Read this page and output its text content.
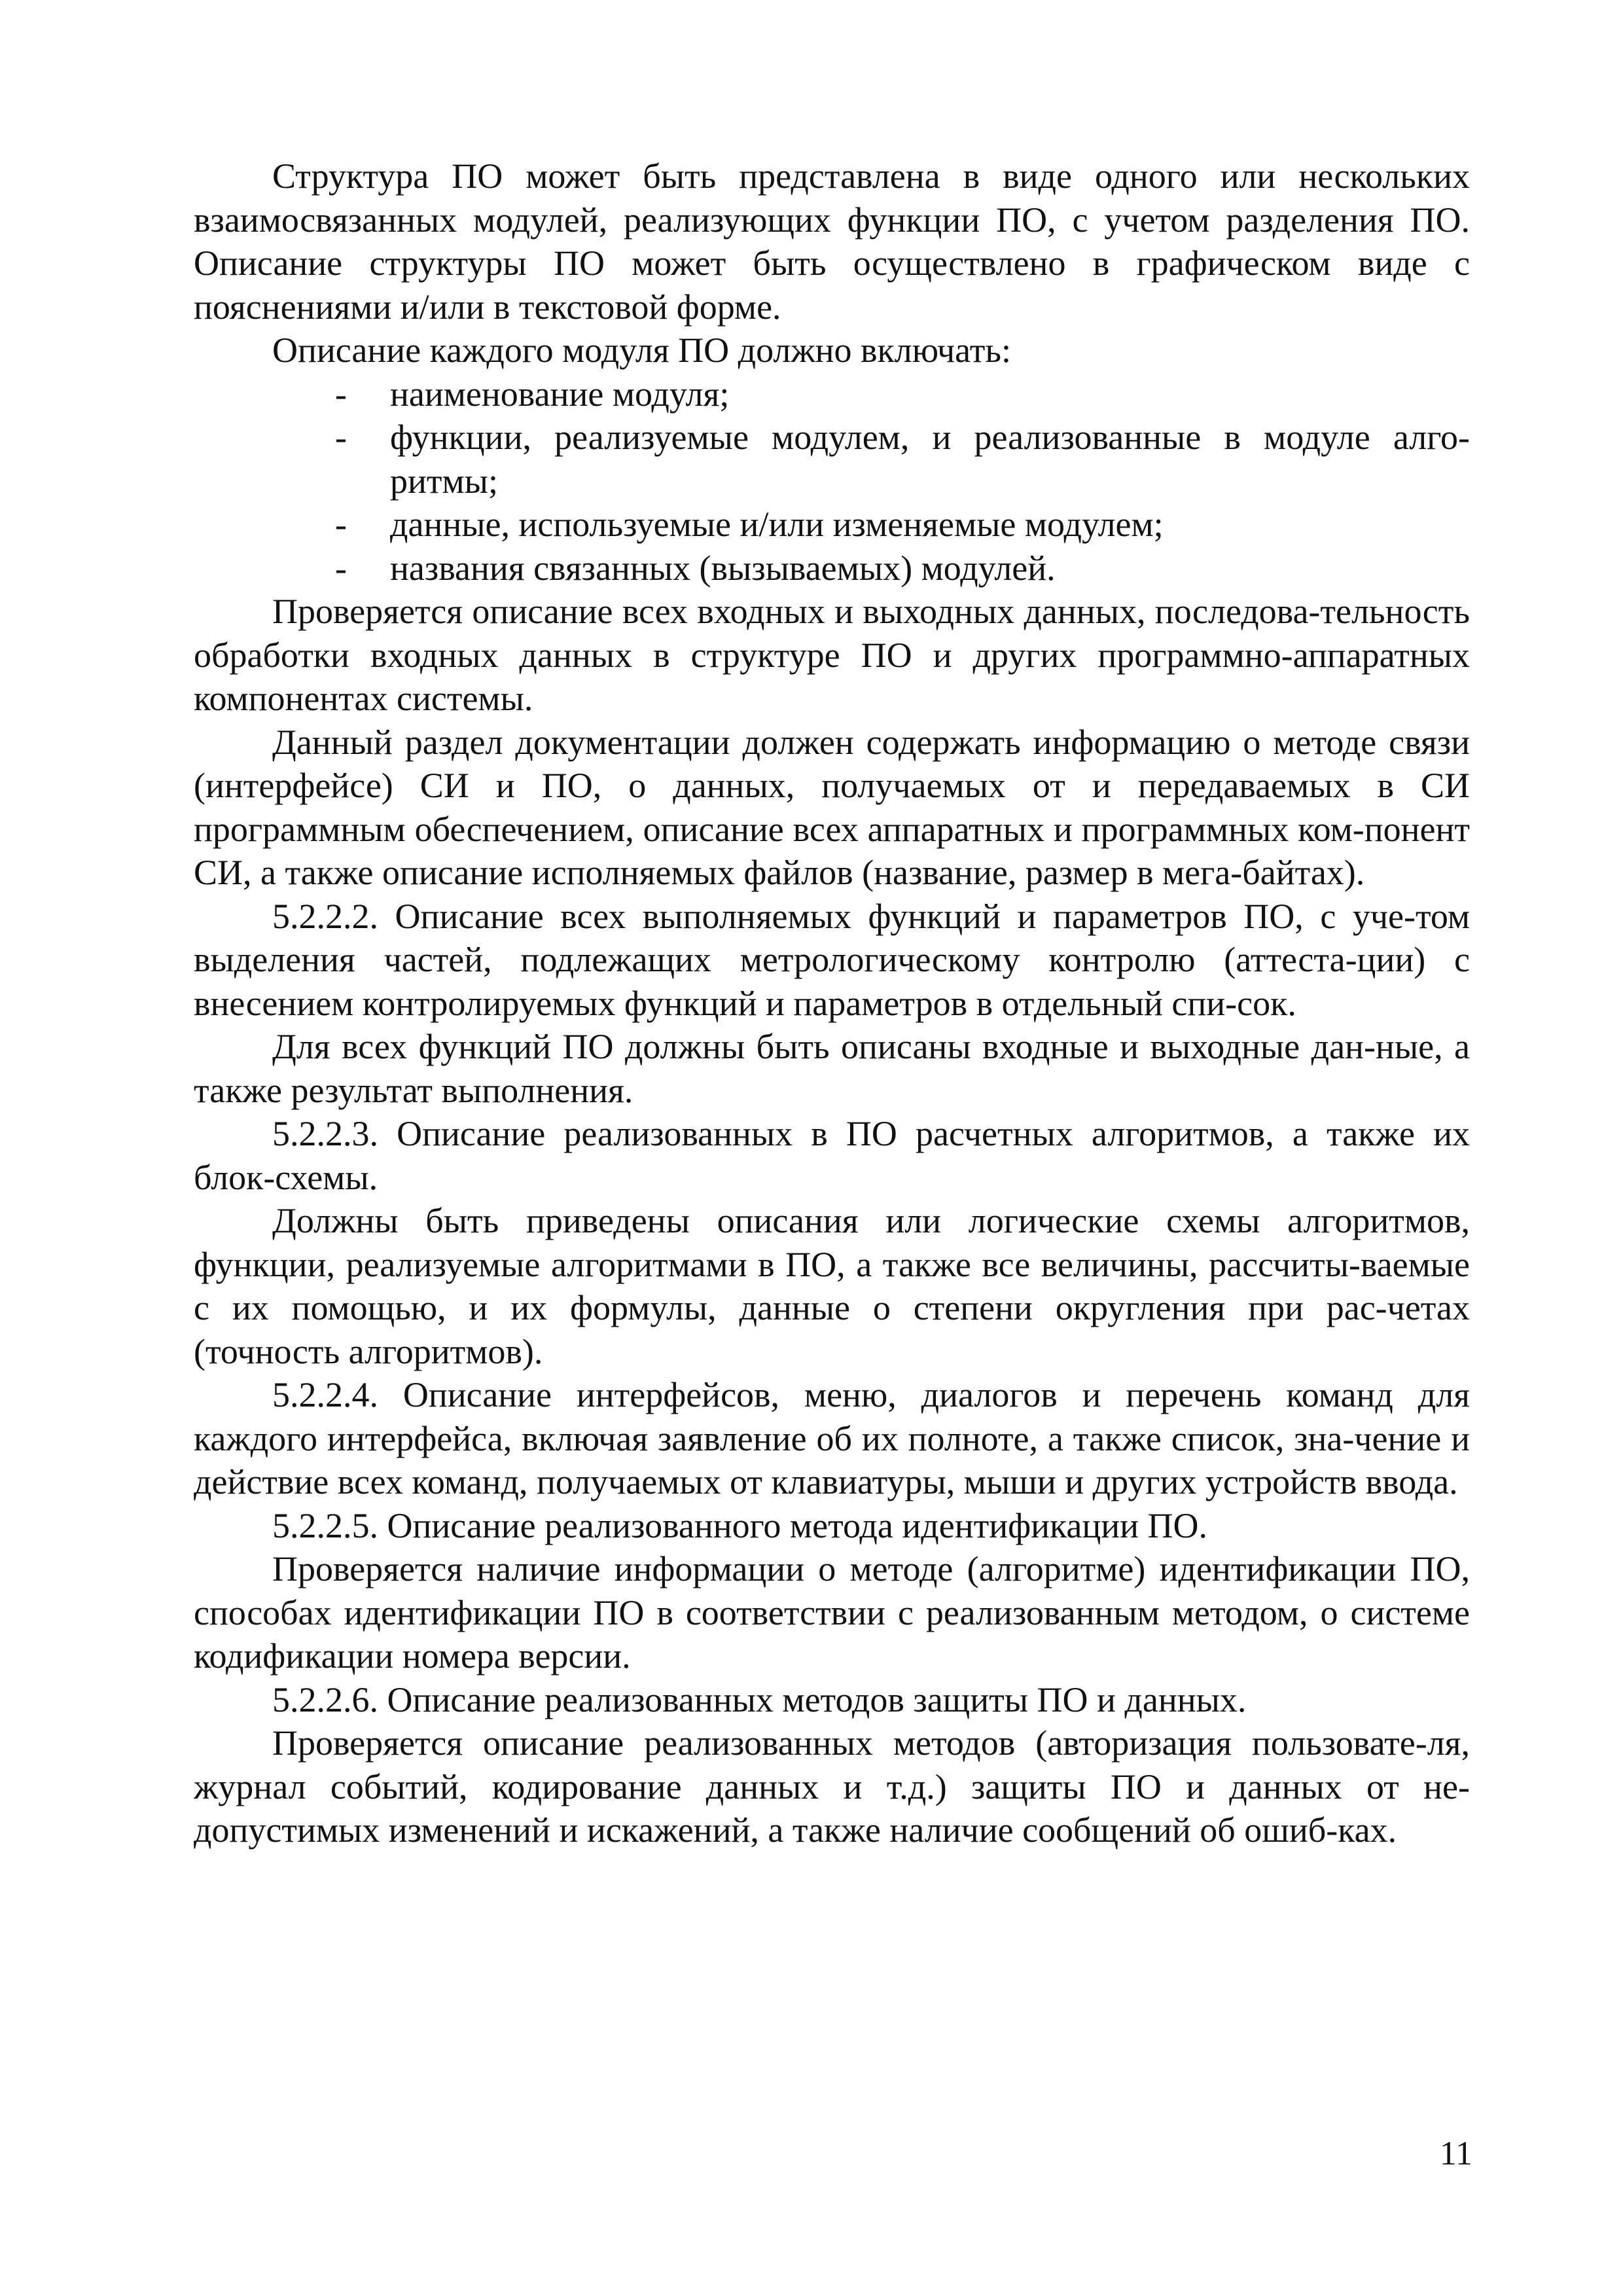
Структура ПО может быть представлена в виде одного или нескольких взаимосвязанных модулей, реализующих функции ПО, с учетом разделения ПО. Описание структуры ПО может быть осуществлено в графическом виде с пояснениями и/или в текстовой форме.

Описание каждого модуля ПО должно включать:

- наименование модуля;
- функции, реализуемые модулем, и реализованные в модуле алго-ритмы;
- данные, используемые и/или изменяемые модулем;
- названия связанных (вызываемых) модулей.

Проверяется описание всех входных и выходных данных, последова-тельность обработки входных данных в структуре ПО и других программно-аппаратных компонентах системы.

Данный раздел документации должен содержать информацию о методе связи (интерфейсе) СИ и ПО, о данных, получаемых от и передаваемых в СИ программным обеспечением, описание всех аппаратных и программных ком-понент СИ, а также описание исполняемых файлов (название, размер в мега-байтах).

5.2.2.2. Описание всех выполняемых функций и параметров ПО, с уче-том выделения частей, подлежащих метрологическому контролю (аттеста-ции) с внесением контролируемых функций и параметров в отдельный спи-сок.

Для всех функций ПО должны быть описаны входные и выходные дан-ные, а также результат выполнения.

5.2.2.3. Описание реализованных в ПО расчетных алгоритмов, а также их блок-схемы.

Должны быть приведены описания или логические схемы алгоритмов, функции, реализуемые алгоритмами в ПО, а также все величины, рассчиты-ваемые с их помощью, и их формулы, данные о степени округления при рас-четах (точность алгоритмов).

5.2.2.4. Описание интерфейсов, меню, диалогов и перечень команд для каждого интерфейса, включая заявление об их полноте, а также список, зна-чение и действие всех команд, получаемых от клавиатуры, мыши и других устройств ввода.

5.2.2.5. Описание реализованного метода идентификации ПО.

Проверяется наличие информации о методе (алгоритме) идентификации ПО, способах идентификации ПО в соответствии с реализованным методом, о системе кодификации номера версии.

5.2.2.6. Описание реализованных методов защиты ПО и данных.

Проверяется описание реализованных методов (авторизация пользовате-ля, журнал событий, кодирование данных и т.д.) защиты ПО и данных от не-допустимых изменений и искажений, а также наличие сообщений об ошиб-ках.

11
